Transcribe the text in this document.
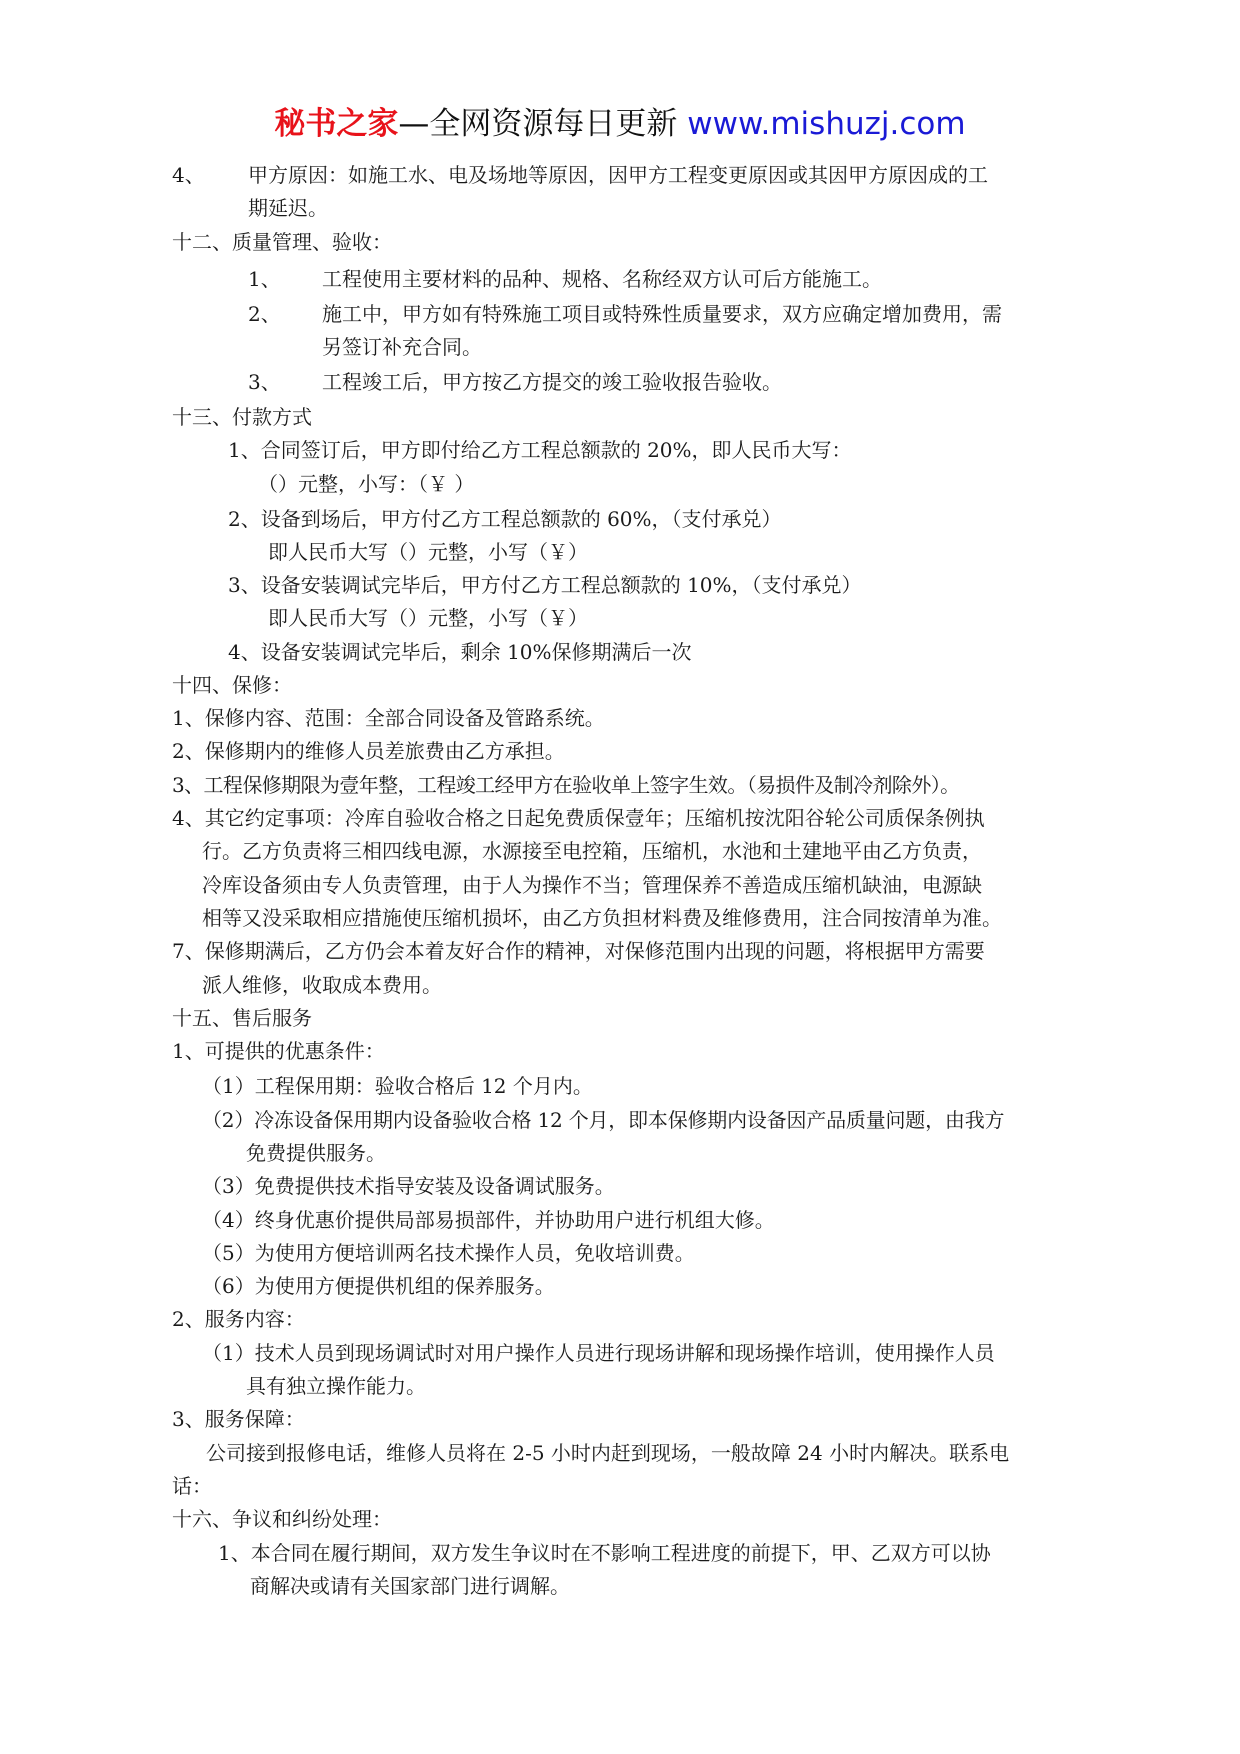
秘书之家—全网资源每日更新 www.mishuzj.com
4、 甲方原因：如施工水、电及场地等原因，因甲方工程变更原因或其因甲方原因成的工
期延迟。
十二、质量管理、验收：
1、 工程使用主要材料的品种、规格、名称经双方认可后方能施工。
2、 施工中，甲方如有特殊施工项目或特殊性质量要求，双方应确定增加费用，需
另签订补充合同。
3、 工程竣工后，甲方按乙方提交的竣工验收报告验收。
十三、付款方式
1、合同签订后，甲方即付给乙方工程总额款的 20%，即人民币大写：
（）元整，小写：（￥ ）
2、设备到场后，甲方付乙方工程总额款的 60%，（支付承兑）
即人民币大写（）元整，小写（￥）
3、设备安装调试完毕后，甲方付乙方工程总额款的 10%，（支付承兑）
即人民币大写（）元整，小写（￥）
4、设备安装调试完毕后，剩余 10%保修期满后一次
十四、保修：
1、保修内容、范围：全部合同设备及管路系统。
2、保修期内的维修人员差旅费由乙方承担。
3、工程保修期限为壹年整，工程竣工经甲方在验收单上签字生效。（易损件及制冷剂除外）。
4、其它约定事项：冷库自验收合格之日起免费质保壹年；压缩机按沈阳谷轮公司质保条例执
行。乙方负责将三相四线电源，水源接至电控箱，压缩机，水池和土建地平由乙方负责，
冷库设备须由专人负责管理，由于人为操作不当；管理保养不善造成压缩机缺油，电源缺
相等又没采取相应措施使压缩机损坏，由乙方负担材料费及维修费用，注合同按清单为准。
7、保修期满后，乙方仍会本着友好合作的精神，对保修范围内出现的问题，将根据甲方需要
派人维修，收取成本费用。
十五、售后服务
1、可提供的优惠条件：
（1）工程保用期：验收合格后 12 个月内。
（2）冷冻设备保用期内设备验收合格 12 个月，即本保修期内设备因产品质量问题，由我方
免费提供服务。
（3）免费提供技术指导安装及设备调试服务。
（4）终身优惠价提供局部易损部件，并协助用户进行机组大修。
（5）为使用方便培训两名技术操作人员，免收培训费。
（6）为使用方便提供机组的保养服务。
2、服务内容：
（1）技术人员到现场调试时对用户操作人员进行现场讲解和现场操作培训，使用操作人员
具有独立操作能力。
3、服务保障：
公司接到报修电话，维修人员将在 2-5 小时内赶到现场，一般故障 24 小时内解决。联系电
话：
十六、争议和纠纷处理：
1、本合同在履行期间，双方发生争议时在不影响工程进度的前提下，甲、乙双方可以协
商解决或请有关国家部门进行调解。
